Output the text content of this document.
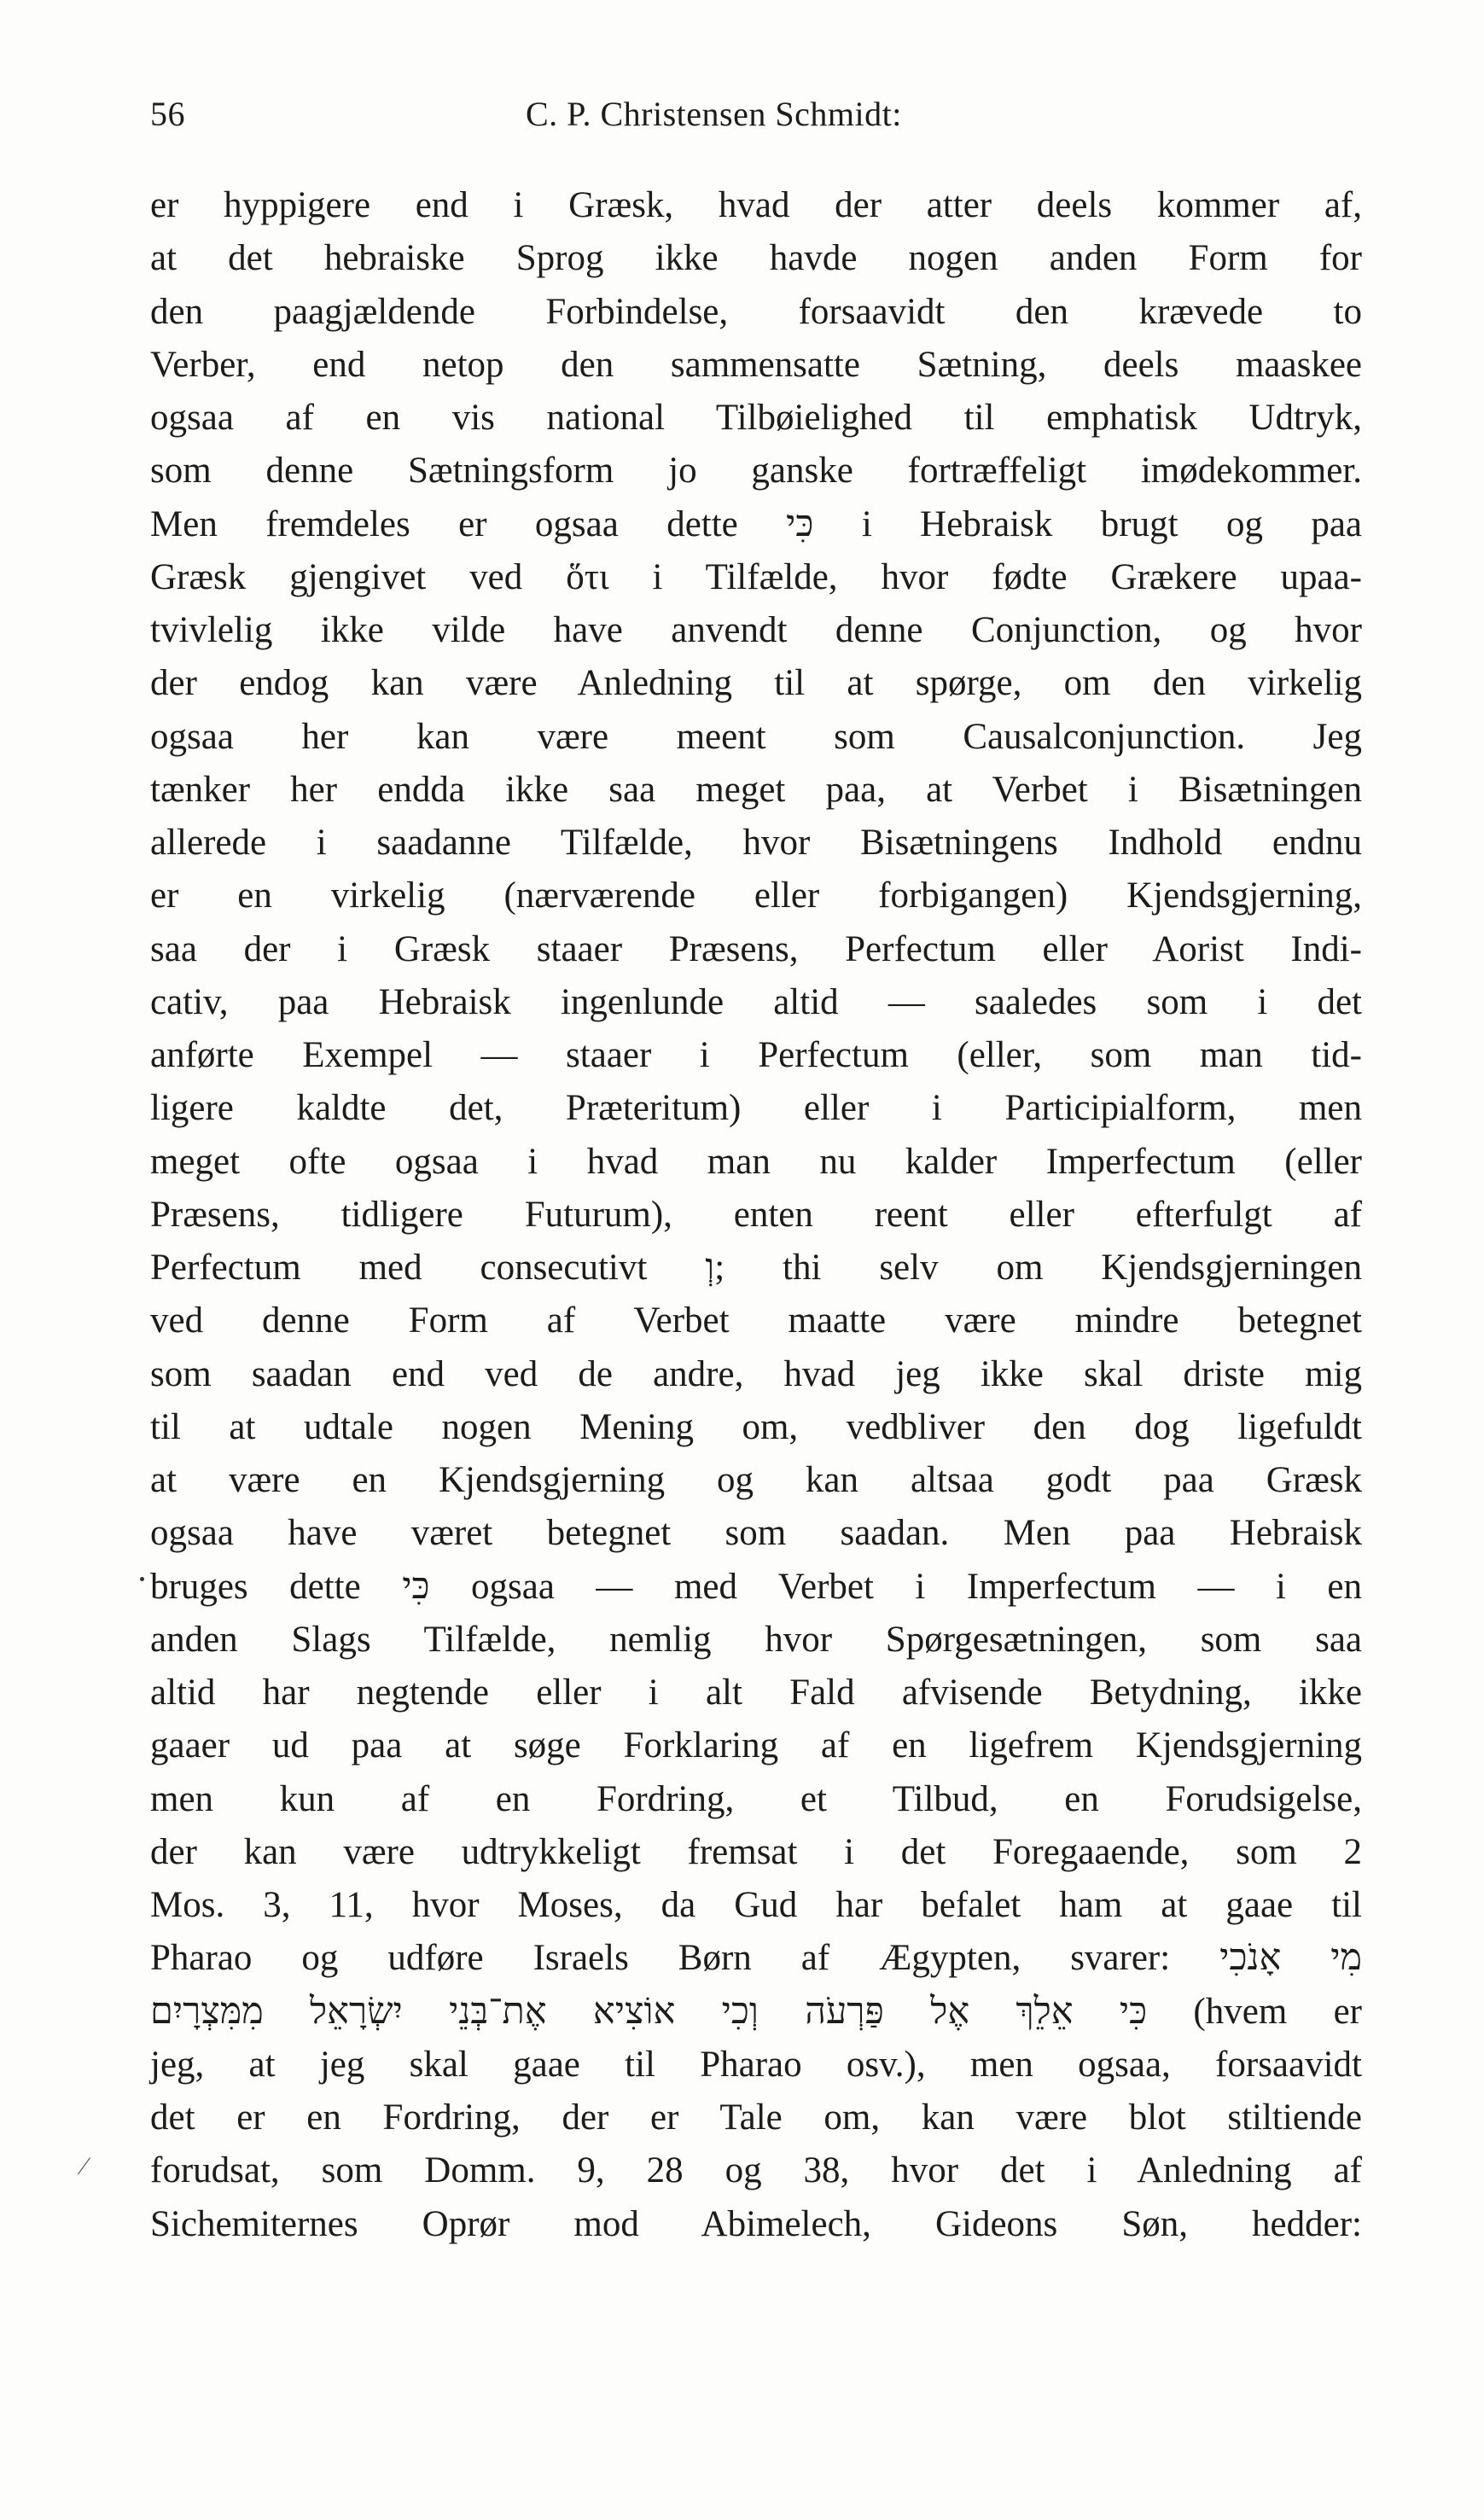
56	C. P. Christensen Schmidt:
er hyppigere end i Græsk, hvad der atter deels kommer af,
at det hebraiske Sprog ikke havde nogen anden Form for
den paagjældende Forbindelse, forsaavidt den krævede to
Verber, end netop den sammensatte Sætning, deels maaskee
ogsaa af en vis national Tilbøielighed til emphatisk Udtryk,
som denne Sætningsform jo ganske fortræffeligt imødekommer.
Men fremdeles er ogsaa dette כִּי i Hebraisk brugt og paa
Græsk gjengivet ved ὅτι i Tilfælde, hvor fødte Grækere upaa-
tvivlelig ikke vilde have anvendt denne Conjunction, og hvor
der endog kan være Anledning til at spørge, om den virkelig
ogsaa her kan være meent som Causalconjunction. Jeg
tænker her endda ikke saa meget paa, at Verbet i Bisætningen
allerede i saadanne Tilfælde, hvor Bisætningens Indhold endnu
er en virkelig (nærværende eller forbigangen) Kjendsgjerning,
saa der i Græsk staaer Præsens, Perfectum eller Aorist Indi-
cativ, paa Hebraisk ingenlunde altid — saaledes som i det
anførte Exempel — staaer i Perfectum (eller, som man tid-
ligere kaldte det, Præteritum) eller i Participialform, men
meget ofte ogsaa i hvad man nu kalder Imperfectum (eller
Præsens, tidligere Futurum), enten reent eller efterfulgt af
Perfectum med consecutivt וְ; thi selv om Kjendsgjerningen
ved denne Form af Verbet maatte være mindre betegnet
som saadan end ved de andre, hvad jeg ikke skal driste mig
til at udtale nogen Mening om, vedbliver den dog ligefuldt
at være en Kjendsgjerning og kan altsaa godt paa Græsk
ogsaa have været betegnet som saadan. Men paa Hebraisk
bruges dette כִּי ogsaa — med Verbet i Imperfectum — i en
anden Slags Tilfælde, nemlig hvor Spørgesætningen, som saa
altid har negtende eller i alt Fald afvisende Betydning, ikke
gaaer ud paa at søge Forklaring af en ligefrem Kjendsgjerning
men kun af en Fordring, et Tilbud, en Forudsigelse,
der kan være udtrykkeligt fremsat i det Foregaaende, som 2
Mos. 3, 11, hvor Moses, da Gud har befalet ham at gaae til
Pharao og udføre Israels Børn af Ægypten, svarer: מִי אָנֹכִי
כִּי אֵלֵךְ אֶל פַּרְעֹה וְכִי אוֹצִיא אֶת־בְּנֵי יִשְׂרָאֵל מִמִּצְרָיִם (hvem er
jeg, at jeg skal gaae til Pharao osv.), men ogsaa, forsaavidt
det er en Fordring, der er Tale om, kan være blot stiltiende
forudsat, som Domm. 9, 28 og 38, hvor det i Anledning af
Sichemiternes Oprør mod Abimelech, Gideons Søn, hedder:
⁄
